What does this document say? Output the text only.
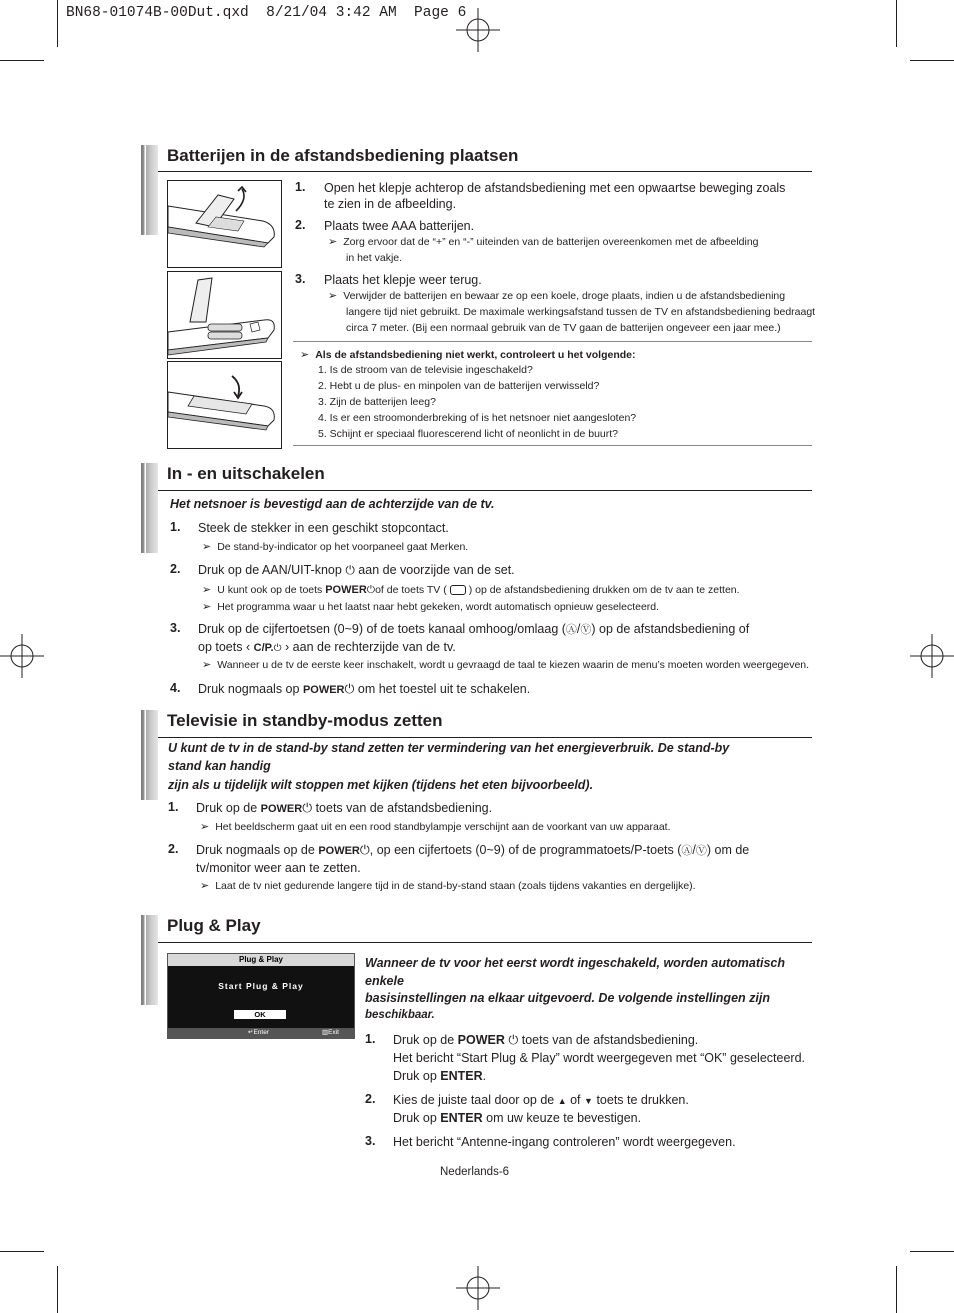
BN68-01074B-00Dut.qxd  8/21/04 3:42 AM  Page 6
Batterijen in de afstandsbediening plaatsen
1. Open het klepje achterop de afstandsbediening met een opwaartse beweging zoals
te zien in de afbeelding.
2. Plaats twee AAA batterijen.
➢ Zorg ervoor dat de “+” en “-” uiteinden van de batterijen overeenkomen met de afbeelding
in het vakje.
3. Plaats het klepje weer terug.
➢ Verwijder de batterijen en bewaar ze op een koele, droge plaats, indien u de afstandsbediening
langere tijd niet gebruikt. De maximale werkingsafstand tussen de TV en afstandsbediening bedraagt
circa 7 meter. (Bij een normaal gebruik van de TV gaan de batterijen ongeveer een jaar mee.)
➢ Als de afstandsbediening niet werkt, controleert u het volgende:
1. Is de stroom van de televisie ingeschakeld?
2. Hebt u de plus- en minpolen van de batterijen verwisseld?
3. Zijn de batterijen leeg?
4. Is er een stroomonderbreking of is het netsnoer niet aangesloten?
5. Schijnt er speciaal fluorescerend licht of neonlicht in de buurt?
In - en uitschakelen
Het netsnoer is bevestigd aan de achterzijde van de tv.
1. Steek de stekker in een geschikt stopcontact.
➢ De stand-by-indicator op het voorpaneel gaat Merken.
2. Druk op de AAN/UIT-knop ⏻ aan de voorzijde van de set.
➢ U kunt ook op de toets POWER⏻of de toets TV ( ) op de afstandsbediening drukken om de tv aan te zetten.
➢ Het programma waar u het laatst naar hebt gekeken, wordt automatisch opnieuw geselecteerd.
3. Druk op de cijfertoetsen (0~9) of de toets kanaal omhoog/omlaag (Ⓐ/Ⓥ) op de afstandsbediening of
op toets ‹ C/P.⏻ › aan de rechterzijde van de tv.
➢ Wanneer u de tv de eerste keer inschakelt, wordt u gevraagd de taal te kiezen waarin de menu’s moeten worden weergegeven.
4. Druk nogmaals op POWER⏻ om het toestel uit te schakelen.
Televisie in standby-modus zetten
U kunt de tv in de stand-by stand zetten ter vermindering van het energieverbruik. De stand-by
stand kan handig
zijn als u tijdelijk wilt stoppen met kijken (tijdens het eten bijvoorbeeld).
1. Druk op de POWER⏻ toets van de afstandsbediening.
➢ Het beeldscherm gaat uit en een rood standbylampje verschijnt aan de voorkant van uw apparaat.
2. Druk nogmaals op de POWER⏻, op een cijfertoets (0~9) of de programmatoets/P-toets (Ⓐ/Ⓥ) om de
tv/monitor weer aan te zetten.
➢ Laat de tv niet gedurende langere tijd in de stand-by-stand staan (zoals tijdens vakanties en dergelijke).
Plug & Play
Plug & Play
Start Plug & Play
OK
↵Enter	▥Exit
Wanneer de tv voor het eerst wordt ingeschakeld, worden automatisch
enkele
basisinstellingen na elkaar uitgevoerd. De volgende instellingen zijn
beschikbaar.
1. Druk op de POWER ⏻ toets van de afstandsbediening.
Het bericht “Start Plug & Play” wordt weergegeven met “OK” geselecteerd.
Druk op ENTER.
2. Kies de juiste taal door op de ▲ of ▼ toets te drukken.
Druk op ENTER om uw keuze te bevestigen.
3. Het bericht “Antenne-ingang controleren” wordt weergegeven.
Nederlands-6
